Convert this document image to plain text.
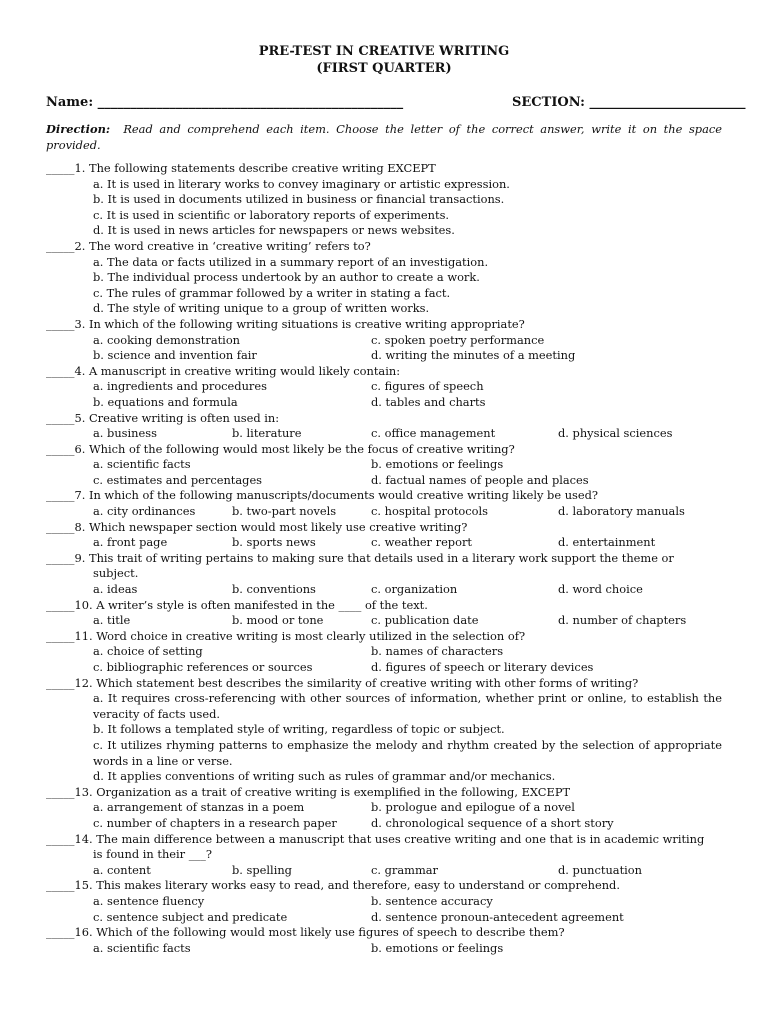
PRE-TEST IN CREATIVE WRITING
(FIRST QUARTER)
Name: _______________________________________________	SECTION: ________________________
Direction: Read and comprehend each item. Choose the letter of the correct answer, write it on the space provided.
_____1. The following statements describe creative writing EXCEPT
a. It is used in literary works to convey imaginary or artistic expression.
b. It is used in documents utilized in business or financial transactions.
c. It is used in scientific or laboratory reports of experiments.
d. It is used in news articles for newspapers or news websites.
_____2. The word creative in ‘creative writing’ refers to?
a. The data or facts utilized in a summary report of an investigation.
b. The individual process undertook by an author to create a work.
c. The rules of grammar followed by a writer in stating a fact.
d. The style of writing unique to a group of written works.
_____3. In which of the following writing situations is creative writing appropriate?
a. cooking demonstration	c. spoken poetry performance
b. science and invention fair	d. writing the minutes of a meeting
_____4. A manuscript in creative writing would likely contain:
a. ingredients and procedures	c. figures of speech
b. equations and formula	d. tables and charts
_____5. Creative writing is often used in:
a. business	b. literature	c. office management	d. physical sciences
_____6. Which of the following would most likely be the focus of creative writing?
a. scientific facts	b. emotions or feelings
c. estimates and percentages	d. factual names of people and places
_____7. In which of the following manuscripts/documents would creative writing likely be used?
a. city ordinances	b. two-part novels	c. hospital protocols	d. laboratory manuals
_____8. Which newspaper section would most likely use creative writing?
a. front page	b. sports news	c. weather report	d. entertainment
_____9. This trait of writing pertains to making sure that details used in a literary work support the theme or
subject.
a. ideas	b. conventions	c. organization	d. word choice
_____10. A writer’s style is often manifested in the ____ of the text.
a. title	b. mood or tone	c. publication date	d. number of chapters
_____11. Word choice in creative writing is most clearly utilized in the selection of?
a. choice of setting	b. names of characters
c. bibliographic references or sources	d. figures of speech or literary devices
_____12. Which statement best describes the similarity of creative writing with other forms of writing?
a. It requires cross-referencing with other sources of information, whether print or online, to establish the veracity of facts used.
b. It follows a templated style of writing, regardless of topic or subject.
c. It utilizes rhyming patterns to emphasize the melody and rhythm created by the selection of appropriate words in a line or verse.
d. It applies conventions of writing such as rules of grammar and/or mechanics.
_____13. Organization as a trait of creative writing is exemplified in the following, EXCEPT
a. arrangement of stanzas in a poem	b. prologue and epilogue of a novel
c. number of chapters in a research paper	d. chronological sequence of a short story
_____14. The main difference between a manuscript that uses creative writing and one that is in academic writing
is found in their ___?
a. content	b. spelling	c. grammar	d. punctuation
_____15. This makes literary works easy to read, and therefore, easy to understand or comprehend.
a. sentence fluency	b. sentence accuracy
c. sentence subject and predicate	d. sentence pronoun-antecedent agreement
_____16. Which of the following would most likely use figures of speech to describe them?
a. scientific facts	b. emotions or feelings
